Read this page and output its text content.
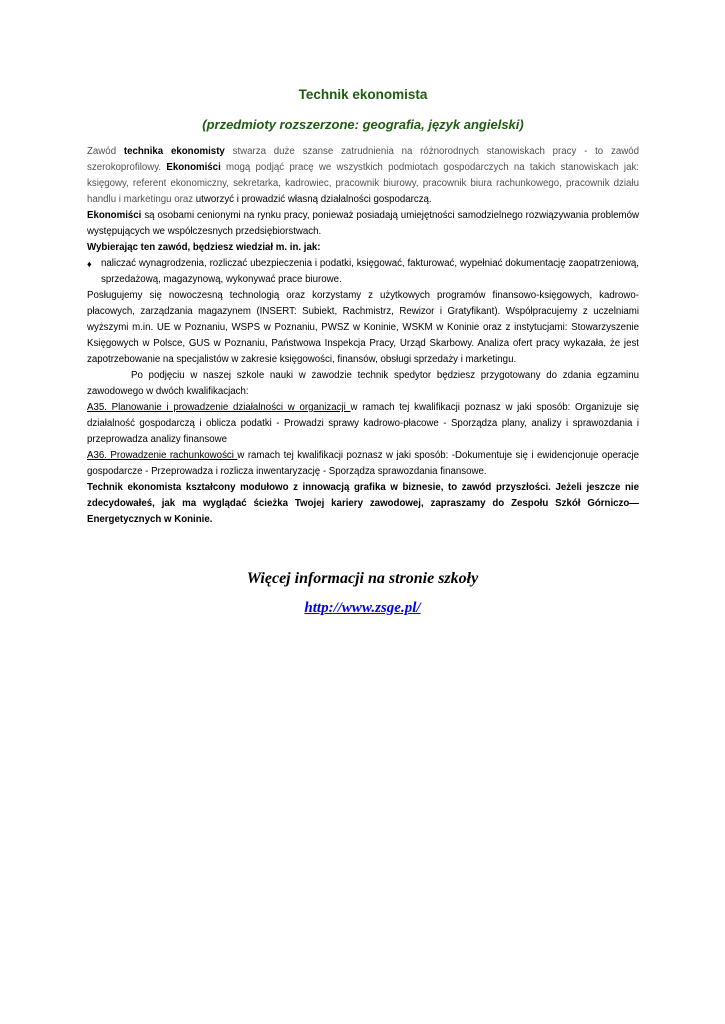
Technik ekonomista
(przedmioty rozszerzone: geografia, język angielski)
Zawód technika ekonomisty stwarza duże szanse zatrudnienia na różnorodnych stanowiskach pracy - to zawód szerokoprofilowy. Ekonomiści mogą podjąć pracę we wszystkich podmiotach gospodarczych na takich stanowiskach jak: księgowy, referent ekonomiczny, sekretarka, kadrowiec, pracownik biurowy, pracownik biura rachunkowego, pracownik działu handlu i marketingu oraz utworzyć i prowadzić własną działalności gospodarczą.
Ekonomiści są osobami cenionymi na rynku pracy, ponieważ posiadają umiejętności samodzielnego rozwiązywania problemów występujących we współczesnych przedsiębiorstwach.
Wybierając ten zawód, będziesz wiedział m. in. jak:
♦ naliczać wynagrodzenia, rozliczać ubezpieczenia i podatki, księgować, fakturować, wypełniać dokumentację zaopatrzeniową, sprzedażową, magazynową, wykonywać prace biurowe.
Posługujemy się nowoczesną technologią oraz korzystamy z użytkowych programów finansowo-księgowych, kadrowo-płacowych, zarządzania magazynem (INSERT: Subiekt, Rachmistrz, Rewizor i Gratyfikant). Współpracujemy z uczelniami wyższymi m.in. UE w Poznaniu, WSPS w Poznaniu, PWSZ w Koninie, WSKM w Koninie oraz z instytucjami: Stowarzyszenie Księgowych w Polsce, GUS w Poznaniu, Państwowa Inspekcja Pracy, Urząd Skarbowy. Analiza ofert pracy wykazała, że jest zapotrzebowanie na specjalistów w zakresie księgowości, finansów, obsługi sprzedaży i marketingu.
Po podjęciu w naszej szkole nauki w zawodzie technik spedytor będziesz przygotowany do zdania egzaminu zawodowego w dwóch kwalifikacjach:
A35. Planowanie i prowadzenie działalności w organizacji w ramach tej kwalifikacji poznasz w jaki sposób: Organizuje się działalność gospodarczą i oblicza podatki - Prowadzi sprawy kadrowo-płacowe - Sporządza plany, analizy i sprawozdania i przeprowadza analizy finansowe
A36. Prowadzenie rachunkowości w ramach tej kwalifikacji poznasz w jaki sposób: -Dokumentuje się i ewidencjonuje operacje gospodarcze - Przeprowadza i rozlicza inwentaryzację - Sporządza sprawozdania finansowe.
Technik ekonomista kształcony modułowo z innowacją grafika w biznesie, to zawód przyszłości. Jeżeli jeszcze nie zdecydowałeś, jak ma wyglądać ścieżka Twojej kariery zawodowej, zapraszamy do Zespołu Szkół Górniczo—Energetycznych w Koninie.
Więcej informacji na stronie szkoły
http://www.zsge.pl/
